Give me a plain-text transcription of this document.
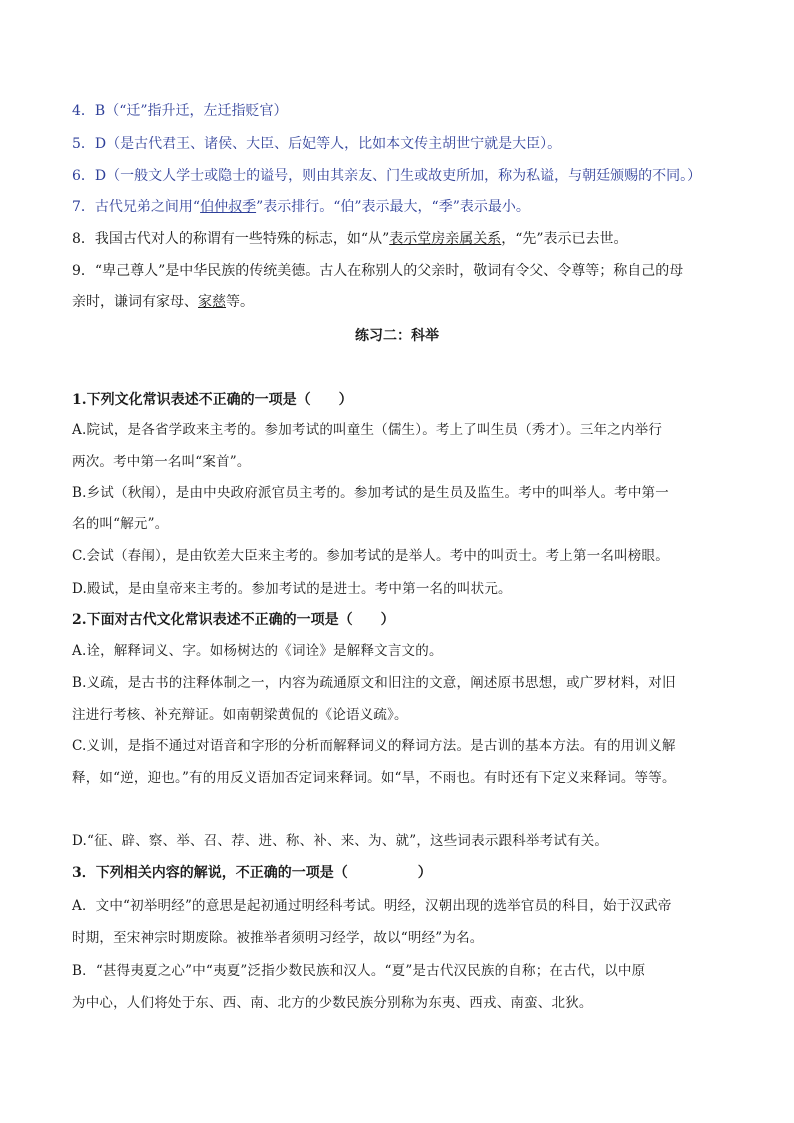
4．B（“迁”指升迁，左迁指贬官）
5．D（是古代君王、诸侯、大臣、后妃等人，比如本文传主胡世宁就是大臣）。
6．D（一般文人学士或隐士的谥号，则由其亲友、门生或故吏所加，称为私谥，与朝廷颁赐的不同。）
7．古代兄弟之间用“伯仲叔季”表示排行。“伯”表示最大，“季”表示最小。
8．我国古代对人的称谓有一些特殊的标志，如“从”表示堂房亲属关系，“先”表示已去世。
9．“卑己尊人”是中华民族的传统美德。古人在称别人的父亲时，敬词有令父、令尊等；称自己的母
亲时，谦词有家母、家慈等。
练习二：科举
1.下列文化常识表述不正确的一项是（　　）
A.院试，是各省学政来主考的。参加考试的叫童生（儒生）。考上了叫生员（秀才）。三年之内举行
两次。考中第一名叫“案首”。
B.乡试（秋闱），是由中央政府派官员主考的。参加考试的是生员及监生。考中的叫举人。考中第一
名的叫“解元”。
C.会试（春闱），是由钦差大臣来主考的。参加考试的是举人。考中的叫贡士。考上第一名叫榜眼。
D.殿试，是由皇帝来主考的。参加考试的是进士。考中第一名的叫状元。
2.下面对古代文化常识表述不正确的一项是（　　）
A.诠，解释词义、字。如杨树达的《词诠》是解释文言文的。
B.义疏，是古书的注释体制之一，内容为疏通原文和旧注的文意，阐述原书思想，或广罗材料，对旧
注进行考核、补充辩证。如南朝梁黄侃的《论语义疏》。
C.义训，是指不通过对语音和字形的分析而解释词义的释词方法。是古训的基本方法。有的用训义解
释，如“逆，迎也。”有的用反义语加否定词来释词。如“旱，不雨也。有时还有下定义来释词。等等。
D.“征、辟、察、举、召、荐、进、称、补、来、为、就”，这些词表示跟科举考试有关。
3．下列相关内容的解说，不正确的一项是（　　　　　）
A．文中“初举明经”的意思是起初通过明经科考试。明经，汉朝出现的选举官员的科目，始于汉武帝
时期，至宋神宗时期废除。被推举者须明习经学，故以“明经”为名。
B．“甚得夷夏之心”中“夷夏”泛指少数民族和汉人。“夏”是古代汉民族的自称；在古代，以中原
为中心，人们将处于东、西、南、北方的少数民族分别称为东夷、西戎、南蛮、北狄。
